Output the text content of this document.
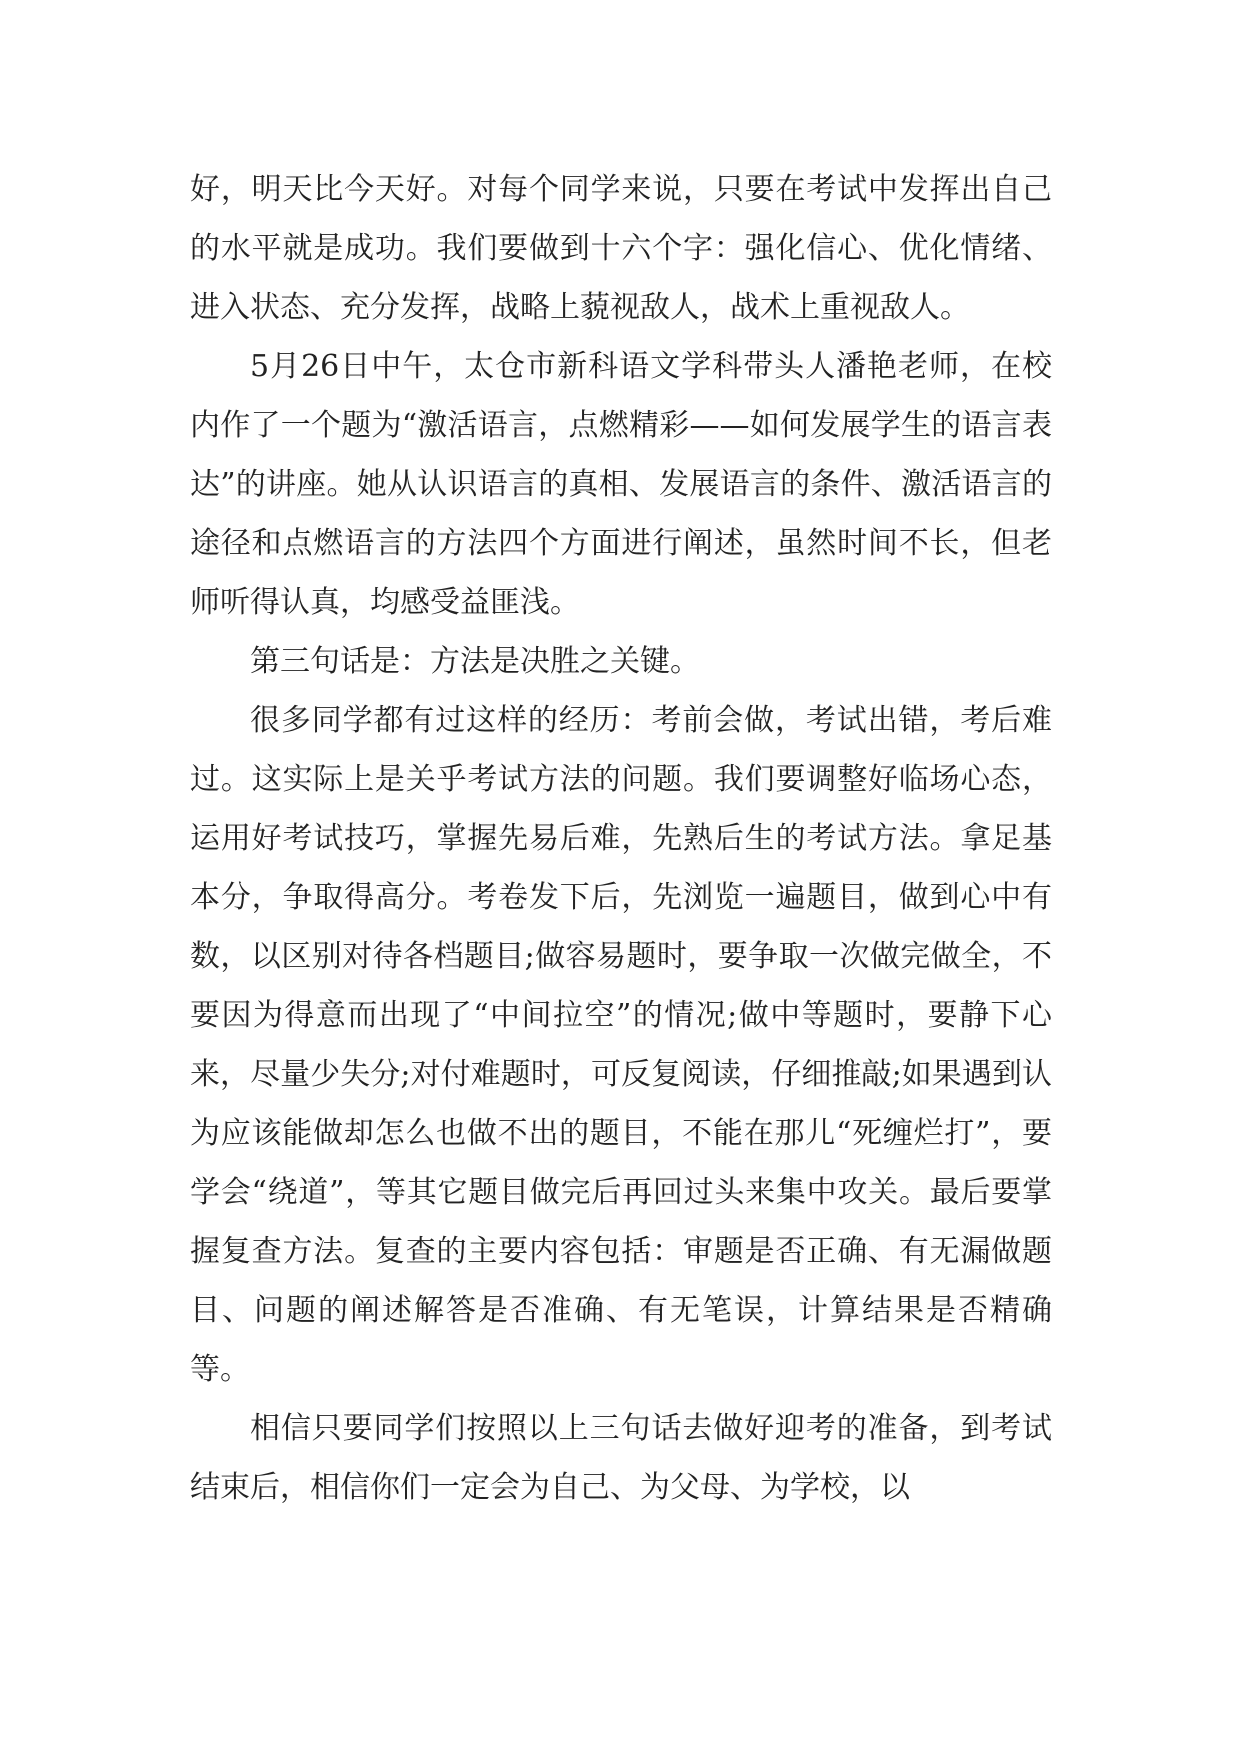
好，明天比今天好。对每个同学来说，只要在考试中发挥出自己的水平就是成功。我们要做到十六个字：强化信心、优化情绪、进入状态、充分发挥，战略上藐视敌人，战术上重视敌人。

5月26日中午，太仓市新科语文学科带头人潘艳老师，在校内作了一个题为“激活语言，点燃精彩——如何发展学生的语言表达”的讲座。她从认识语言的真相、发展语言的条件、激活语言的途径和点燃语言的方法四个方面进行阐述，虽然时间不长，但老师听得认真，均感受益匪浅。

第三句话是：方法是决胜之关键。

很多同学都有过这样的经历：考前会做，考试出错，考后难过。这实际上是关乎考试方法的问题。我们要调整好临场心态，运用好考试技巧，掌握先易后难，先熟后生的考试方法。拿足基本分，争取得高分。考卷发下后，先浏览一遍题目，做到心中有数，以区别对待各档题目;做容易题时，要争取一次做完做全，不要因为得意而出现了“中间拉空”的情况;做中等题时，要静下心来，尽量少失分;对付难题时，可反复阅读，仔细推敲;如果遇到认为应该能做却怎么也做不出的题目，不能在那儿“死缠烂打”，要学会“绕道”，等其它题目做完后再回过头来集中攻关。最后要掌握复查方法。复查的主要内容包括：审题是否正确、有无漏做题目、问题的阐述解答是否准确、有无笔误，计算结果是否精确等。

相信只要同学们按照以上三句话去做好迎考的准备，到考试结束后，相信你们一定会为自己、为父母、为学校，以
